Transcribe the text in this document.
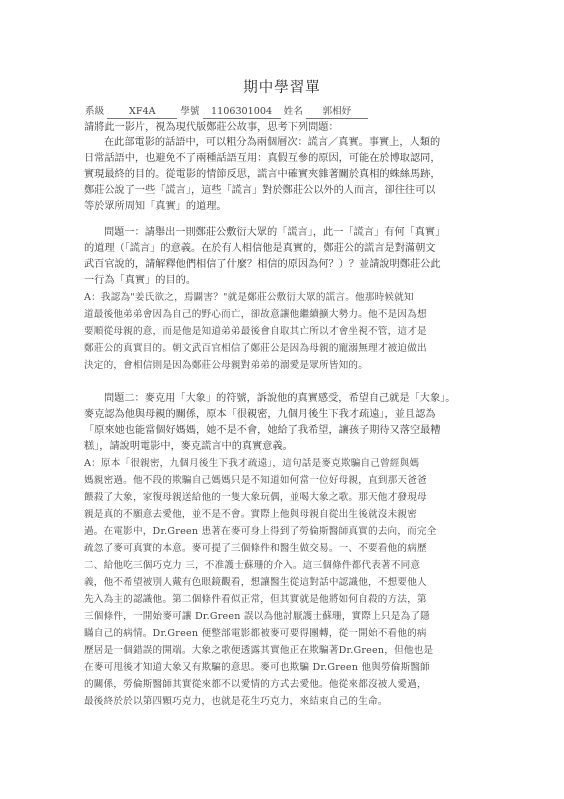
期中學習單
系級	XF4A	學號 1106301004 姓名 郭相妤
請將此一影片，視為現代版鄭莊公故事，思考下列問題：
在此部電影的話語中，可以粗分為兩個層次：謊言／真實。事實上，人類的
日常話語中，也避免不了兩種話語互用：真假互參的原因，可能在於博取認同，
實現最終的目的。從電影的情節反思，謊言中確實夾雜著關於真相的蛛絲馬跡，
鄭莊公說了一些「謊言」，這些「謊言」對於鄭莊公以外的人而言，卻往往可以
等於眾所周知「真實」的道理。
問題一：請舉出一則鄭莊公敷衍大眾的「謊言」，此一「謊言」有何「真實」
的道理（「謊言」的意義。在於有人相信他是真實的，鄭莊公的謊言是對滿朝文
武百官說的，請解釋他們相信了什麼？相信的原因為何？）？並請說明鄭莊公此
一行為「真實」的目的。
A：我認為"姜氏欲之，焉闢害？"就是鄭莊公敷衍大眾的謊言。他那時候就知
道最後他弟弟會因為自己的野心而亡，卻故意讓他繼續擴大勢力。他不是因為想
要順從母親的意，而是他是知道弟弟最後會自取其亡所以才會坐視不管，這才是
鄭莊公的真實目的。朝文武百官相信了鄭莊公是因為母親的寵溺無理才被迫做出
決定的，會相信則是因為鄭莊公母親對弟弟的溺愛是眾所皆知的。
問題二：麥克用「大象」的符號，訴說他的真實感受，希望自己就是「大象」。
麥克認為他與母親的關係，原本「很親密，九個月後生下我才疏遠」，並且認為
「原來她也能當個好媽媽，她不是不會，她給了我希望，讓孩子期待又落空最糟
糕」，請說明電影中，麥克謊言中的真實意義。
A：原本「很親密，九個月後生下我才疏遠」，這句話是麥克欺騙自己曾經與媽
媽親密過。他不段的欺騙自己媽媽只是不知道如何當一位好母親，直到那天爸爸
餵殺了大象，家復母親送給他的一隻大象玩偶，並喝大象之歌。那天他才發現母
親是真的不願意去愛他，並不是不會。實際上他與母親自從出生後就沒未親密
過。在電影中，Dr.Green 患著在麥可身上得到了勞倫斯醫師真實的去向，而完全
疏忽了麥可真實的本意。麥可提了三個條件和醫生做交易。一、不要看他的病歷
二、給他吃三個巧克力 三，不准護士蘇珊的介入。這三個條件都代表著不同意
義，他不希望被別人戴有色眼鏡觀看，想讓醫生從這對話中認識他，不想要他人
先入為主的認識他。第二個條件看似正常，但其實就是他將如何自殺的方法，第
三個條件，一開始麥可讓 Dr.Green 誤以為他討厭護士蘇珊，實際上只是為了隱
瞞自己的病情。Dr.Green 便整部電影都被麥可要得團轉，從一開始不看他的病
歷居是一個錯誤的開端。大象之歌便透露其實他正在欺騙著Dr.Green，但他也是
在麥可甩後才知道大象又有欺騙的意思。麥可也欺騙 Dr.Green 他與勞倫斯醫師
的關係，勞倫斯醫師其實從來都不以愛情的方式去愛他。他從來都沒被人愛過，
最後終於於以第四顆巧克力，也就是花生巧克力，來結束自己的生命。
